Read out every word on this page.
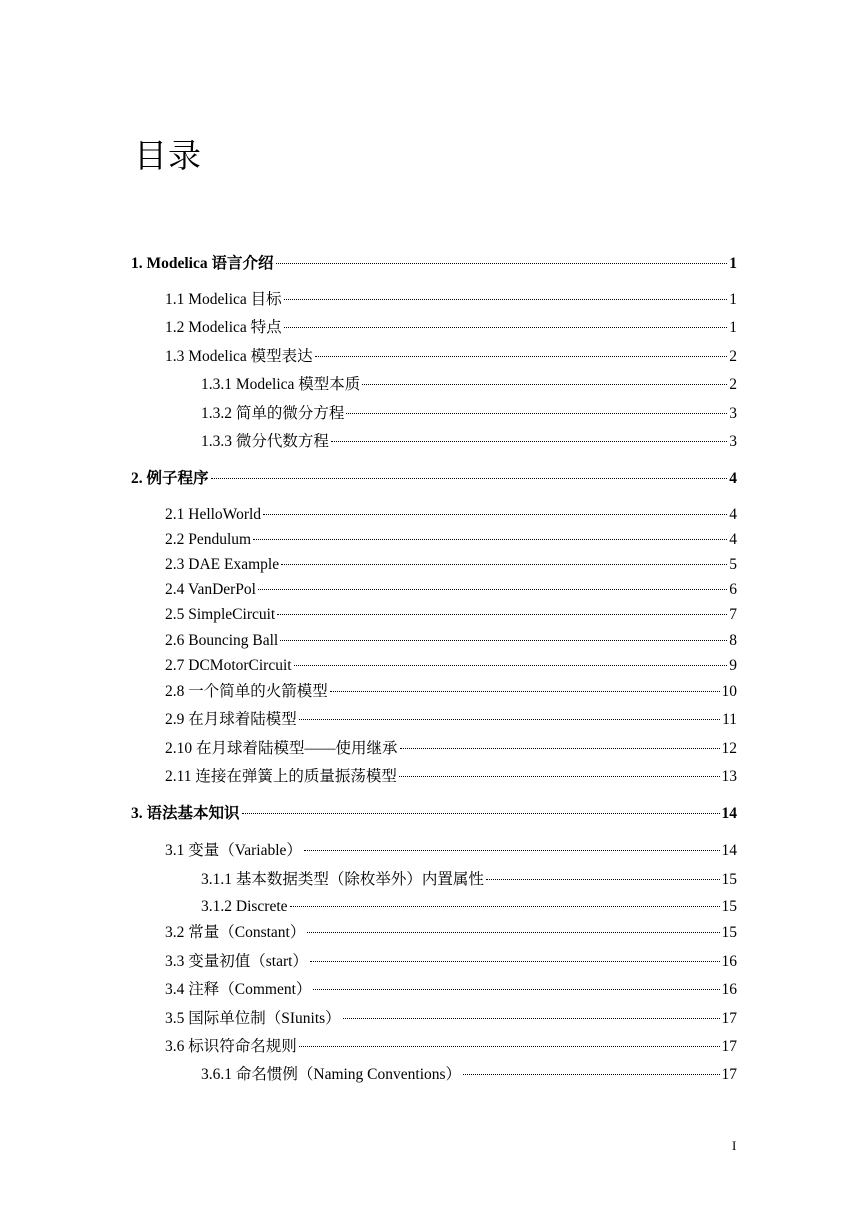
目录
1. Modelica 语言介绍	1
1.1 Modelica 目标	1
1.2 Modelica 特点	1
1.3 Modelica 模型表达	2
1.3.1 Modelica 模型本质	2
1.3.2 简单的微分方程	3
1.3.3 微分代数方程	3
2. 例子程序	4
2.1 HelloWorld	4
2.2 Pendulum	4
2.3 DAE Example	5
2.4 VanDerPol	6
2.5 SimpleCircuit	7
2.6 Bouncing Ball	8
2.7 DCMotorCircuit	9
2.8 一个简单的火箭模型	10
2.9 在月球着陆模型	11
2.10 在月球着陆模型——使用继承	12
2.11 连接在弹簧上的质量振荡模型	13
3. 语法基本知识	14
3.1 变量（Variable）	14
3.1.1 基本数据类型（除枚举外）内置属性	15
3.1.2 Discrete	15
3.2 常量（Constant）	15
3.3 变量初值（start）	16
3.4 注释（Comment）	16
3.5 国际单位制（SIunits）	17
3.6 标识符命名规则	17
3.6.1 命名惯例（Naming Conventions）	17
I
